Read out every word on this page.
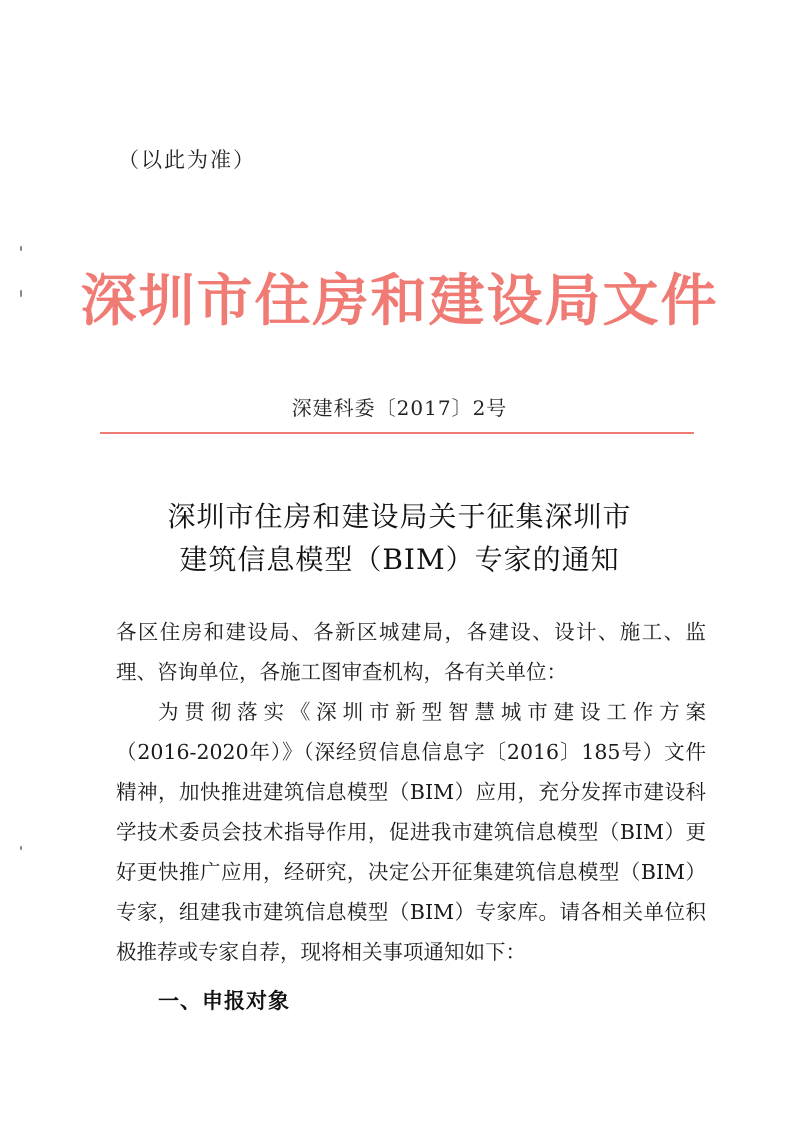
（以此为准）
深圳市住房和建设局文件
深建科委〔2017〕2号
深圳市住房和建设局关于征集深圳市
建筑信息模型（BIM）专家的通知
各区住房和建设局、各新区城建局，各建设、设计、施工、监
理、咨询单位，各施工图审查机构，各有关单位：
为贯彻落实《深圳市新型智慧城市建设工作方案
（2016-2020年）》（深经贸信息信息字〔2016〕185号）文件
精神，加快推进建筑信息模型（BIM）应用，充分发挥市建设科
学技术委员会技术指导作用，促进我市建筑信息模型（BIM）更
好更快推广应用，经研究，决定公开征集建筑信息模型（BIM）
专家，组建我市建筑信息模型（BIM）专家库。请各相关单位积
极推荐或专家自荐，现将相关事项通知如下：
一、申报对象
